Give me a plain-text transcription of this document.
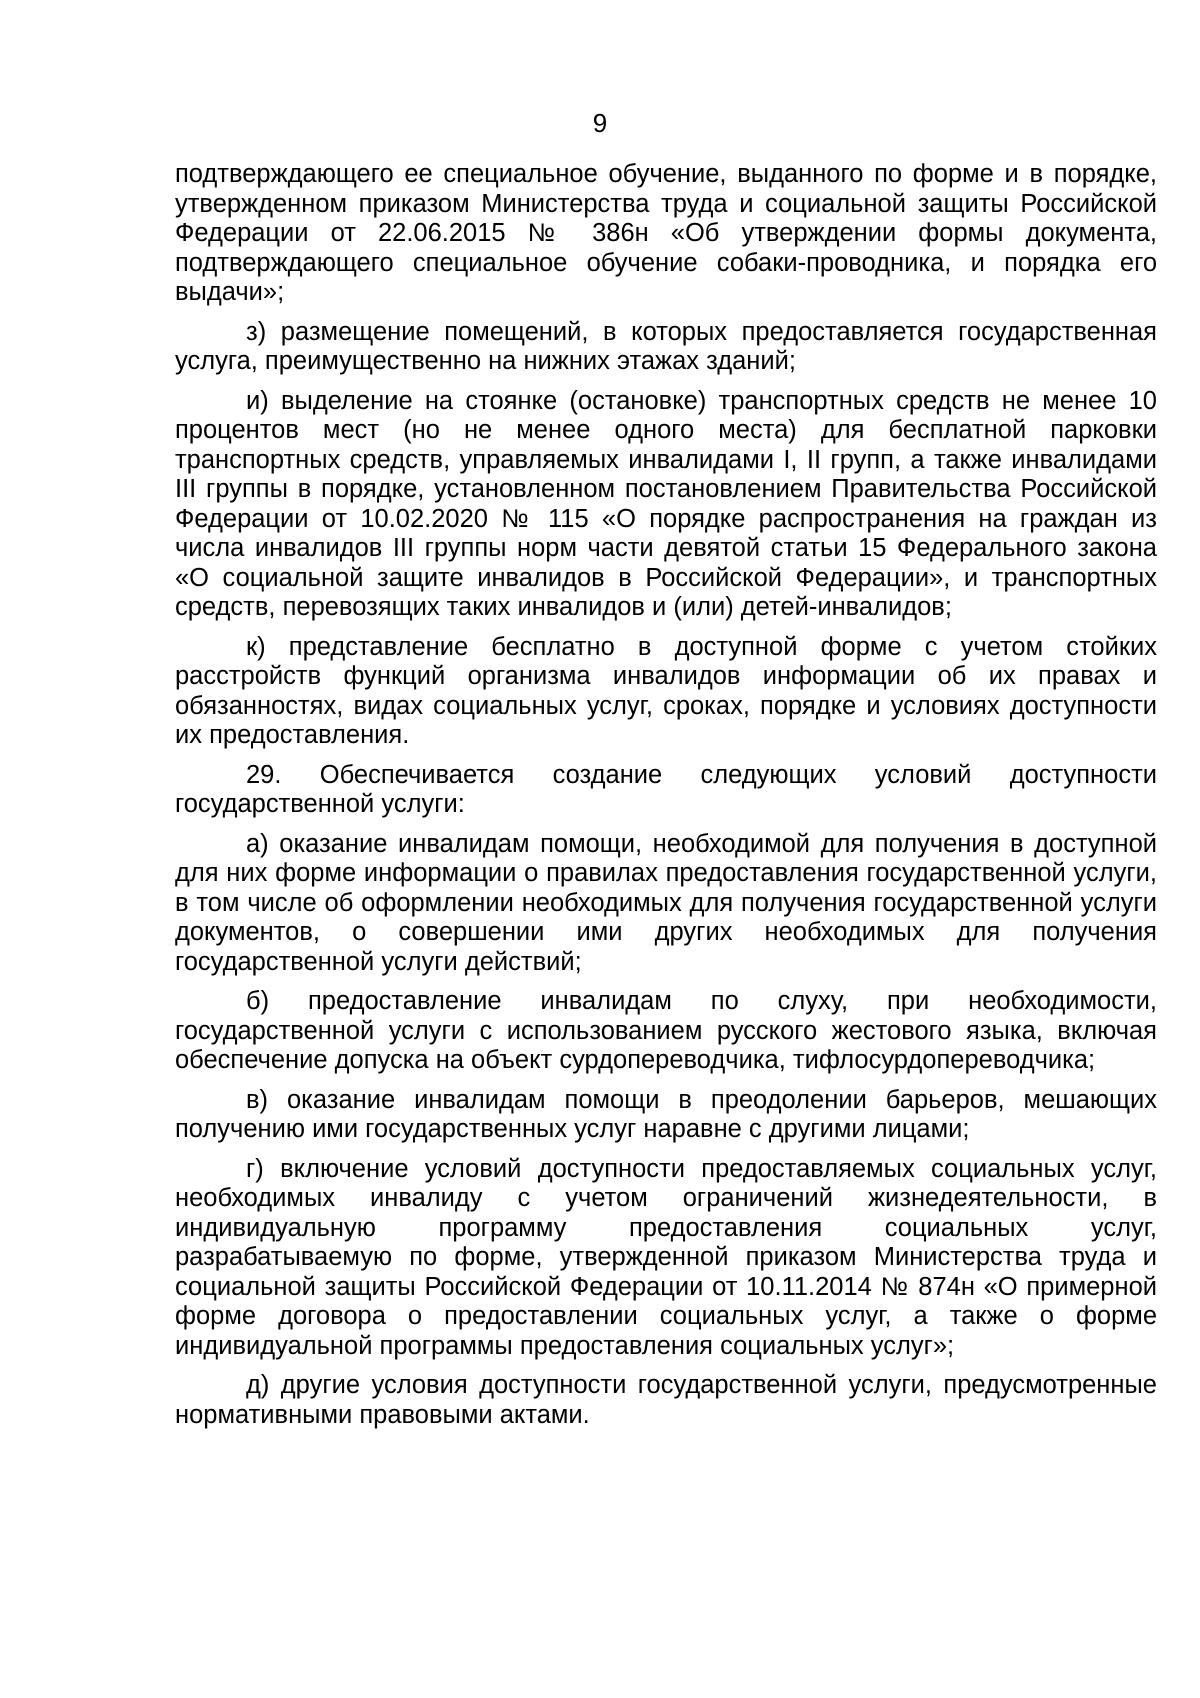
9

подтверждающего ее специальное обучение, выданного по форме и в порядке, утвержденном приказом Министерства труда и социальной защиты Российской Федерации от 22.06.2015 № 386н «Об утверждении формы документа, подтверждающего специальное обучение собаки-проводника, и порядка его выдачи»;

з) размещение помещений, в которых предоставляется государственная услуга, преимущественно на нижних этажах зданий;

и) выделение на стоянке (остановке) транспортных средств не менее 10 процентов мест (но не менее одного места) для бесплатной парковки транспортных средств, управляемых инвалидами I, II групп, а также инвалидами III группы в порядке, установленном постановлением Правительства Российской Федерации от 10.02.2020 № 115 «О порядке распространения на граждан из числа инвалидов III группы норм части девятой статьи 15 Федерального закона «О социальной защите инвалидов в Российской Федерации», и транспортных средств, перевозящих таких инвалидов и (или) детей-инвалидов;

к) представление бесплатно в доступной форме с учетом стойких расстройств функций организма инвалидов информации об их правах и обязанностях, видах социальных услуг, сроках, порядке и условиях доступности их предоставления.

29. Обеспечивается создание следующих условий доступности государственной услуги:

а) оказание инвалидам помощи, необходимой для получения в доступной для них форме информации о правилах предоставления государственной услуги, в том числе об оформлении необходимых для получения государственной услуги документов, о совершении ими других необходимых для получения государственной услуги действий;

б) предоставление инвалидам по слуху, при необходимости, государственной услуги с использованием русского жестового языка, включая обеспечение допуска на объект сурдопереводчика, тифлосурдопереводчика;

в) оказание инвалидам помощи в преодолении барьеров, мешающих получению ими государственных услуг наравне с другими лицами;

г) включение условий доступности предоставляемых социальных услуг, необходимых инвалиду с учетом ограничений жизнедеятельности, в индивидуальную программу предоставления социальных услуг, разрабатываемую по форме, утвержденной приказом Министерства труда и социальной защиты Российской Федерации от 10.11.2014 № 874н «О примерной форме договора о предоставлении социальных услуг, а также о форме индивидуальной программы предоставления социальных услуг»;

д) другие условия доступности государственной услуги, предусмотренные нормативными правовыми актами.
